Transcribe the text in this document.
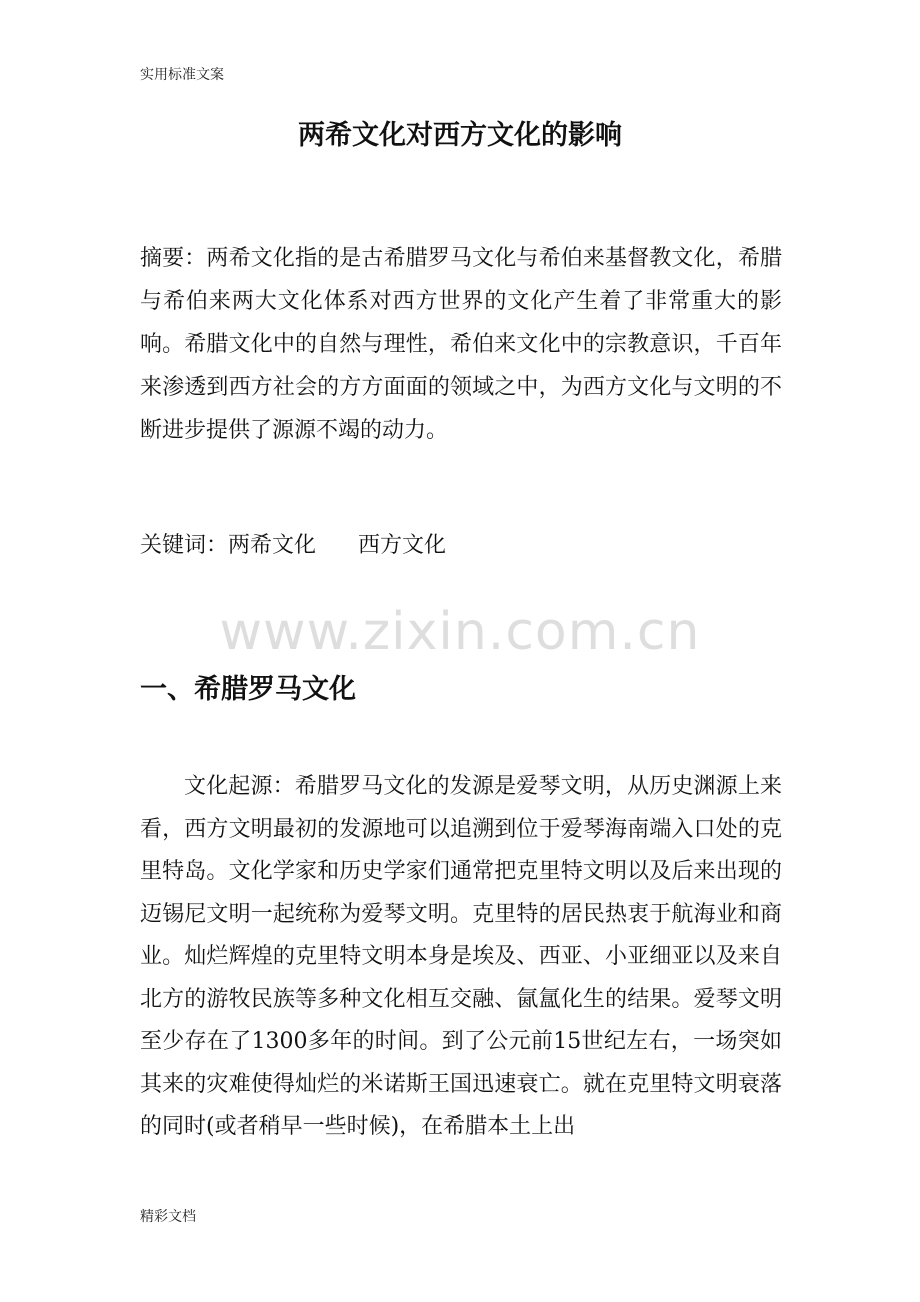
实用标准文案
两希文化对西方文化的影响

摘要：两希文化指的是古希腊罗马文化与希伯来基督教文化，希腊与希伯来两大文化体系对西方世界的文化产生着了非常重大的影响。希腊文化中的自然与理性，希伯来文化中的宗教意识，千百年来渗透到西方社会的方方面面的领域之中，为西方文化与文明的不断进步提供了源源不竭的动力。

关键词：两希文化      西方文化
www.zixin.com.cn
一、希腊罗马文化

文化起源：希腊罗马文化的发源是爱琴文明，从历史渊源上来看，西方文明最初的发源地可以追溯到位于爱琴海南端入口处的克里特岛。文化学家和历史学家们通常把克里特文明以及后来出现的迈锡尼文明一起统称为爱琴文明。克里特的居民热衷于航海业和商业。灿烂辉煌的克里特文明本身是埃及、西亚、小亚细亚以及来自北方的游牧民族等多种文化相互交融、氤氲化生的结果。爱琴文明至少存在了1300多年的时间。到了公元前15世纪左右，一场突如其来的灾难使得灿烂的米诺斯王国迅速衰亡。就在克里特文明衰落的同时(或者稍早一些时候)，在希腊本土上出

精彩文档
